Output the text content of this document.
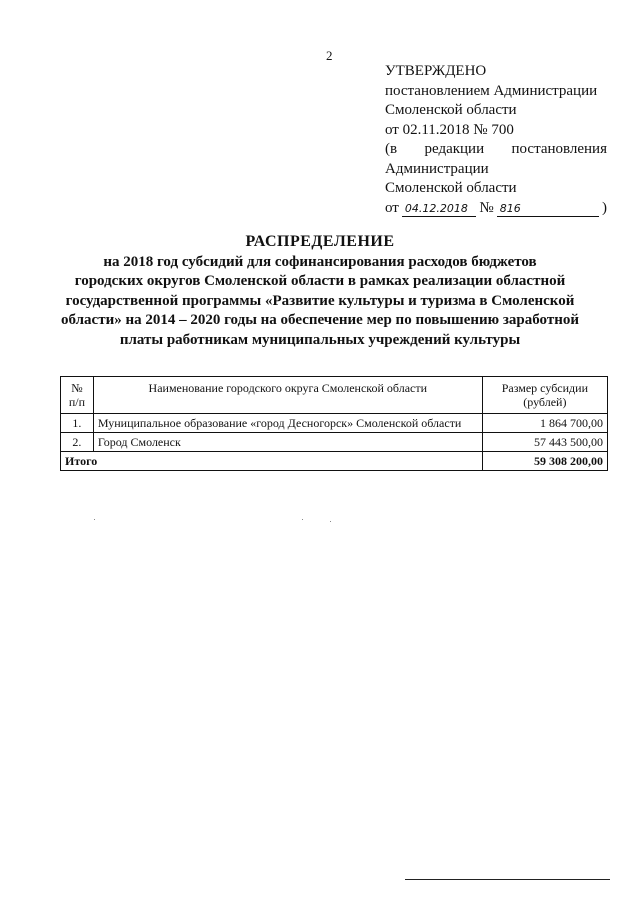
2
УТВЕРЖДЕНО
постановлением Администрации
Смоленской области
от 02.11.2018 № 700
(в редакции постановления
Администрации
Смоленской области
от 04.12.2018 № 816	)
РАСПРЕДЕЛЕНИЕ
на 2018 год субсидий для софинансирования расходов бюджетов
городских округов Смоленской области в рамках реализации областной
государственной программы «Развитие культуры и туризма в Смоленской
области» на 2014 – 2020 годы на обеспечение мер по повышению заработной
платы работникам муниципальных учреждений культуры
№
п/п	Наименование городского округа Смоленской области	Размер субсидии
(рублей)

1.	Муниципальное образование «город Десногорск» Смоленской области	1 864 700,00
2.	Город Смоленск	57 443 500,00
Итого		59 308 200,00
